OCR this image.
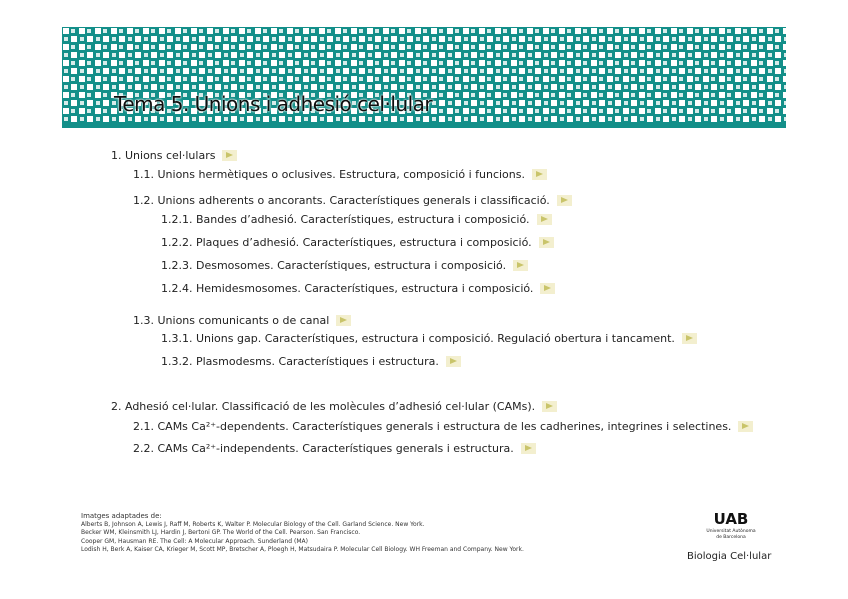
Tema 5. Unions i adhesió cel·lular
1. Unions cel·lulars
1.1. Unions hermètiques o oclusives. Estructura, composició i funcions.
1.2. Unions adherents o ancorants. Característiques generals i classificació.
1.2.1. Bandes d’adhesió. Característiques, estructura i composició.
1.2.2. Plaques d’adhesió. Característiques, estructura i composició.
1.2.3. Desmosomes. Característiques, estructura i composició.
1.2.4. Hemidesmosomes. Característiques, estructura i composició.
1.3. Unions comunicants o de canal
1.3.1. Unions gap. Característiques, estructura i composició. Regulació obertura i tancament.
1.3.2. Plasmodesms. Característiques i estructura.
2. Adhesió cel·lular. Classificació de les molècules d’adhesió cel·lular (CAMs).
2.1. CAMs Ca²⁺-dependents. Característiques generals i estructura de les cadherines, integrines i selectines.
2.2. CAMs Ca²⁺-independents. Característiques generals i estructura.
Imatges adaptades de:
Alberts B, Johnson A, Lewis J, Raff M, Roberts K, Walter P. Molecular Biology of the Cell. Garland Science. New York.
Becker WM, Kleinsmith LJ, Hardin J, Bertoni GP. The World of the Cell. Pearson. San Francisco.
Cooper GM, Hausman RE. The Cell: A Molecular Approach. Sunderland (MA)
Lodish H, Berk A, Kaiser CA, Krieger M, Scott MP, Bretscher A, Ploegh H, Matsudaira P. Molecular Cell Biology. WH Freeman and Company. New York.
UAB
Universitat Autònoma
de Barcelona
Biologia Cel·lular
